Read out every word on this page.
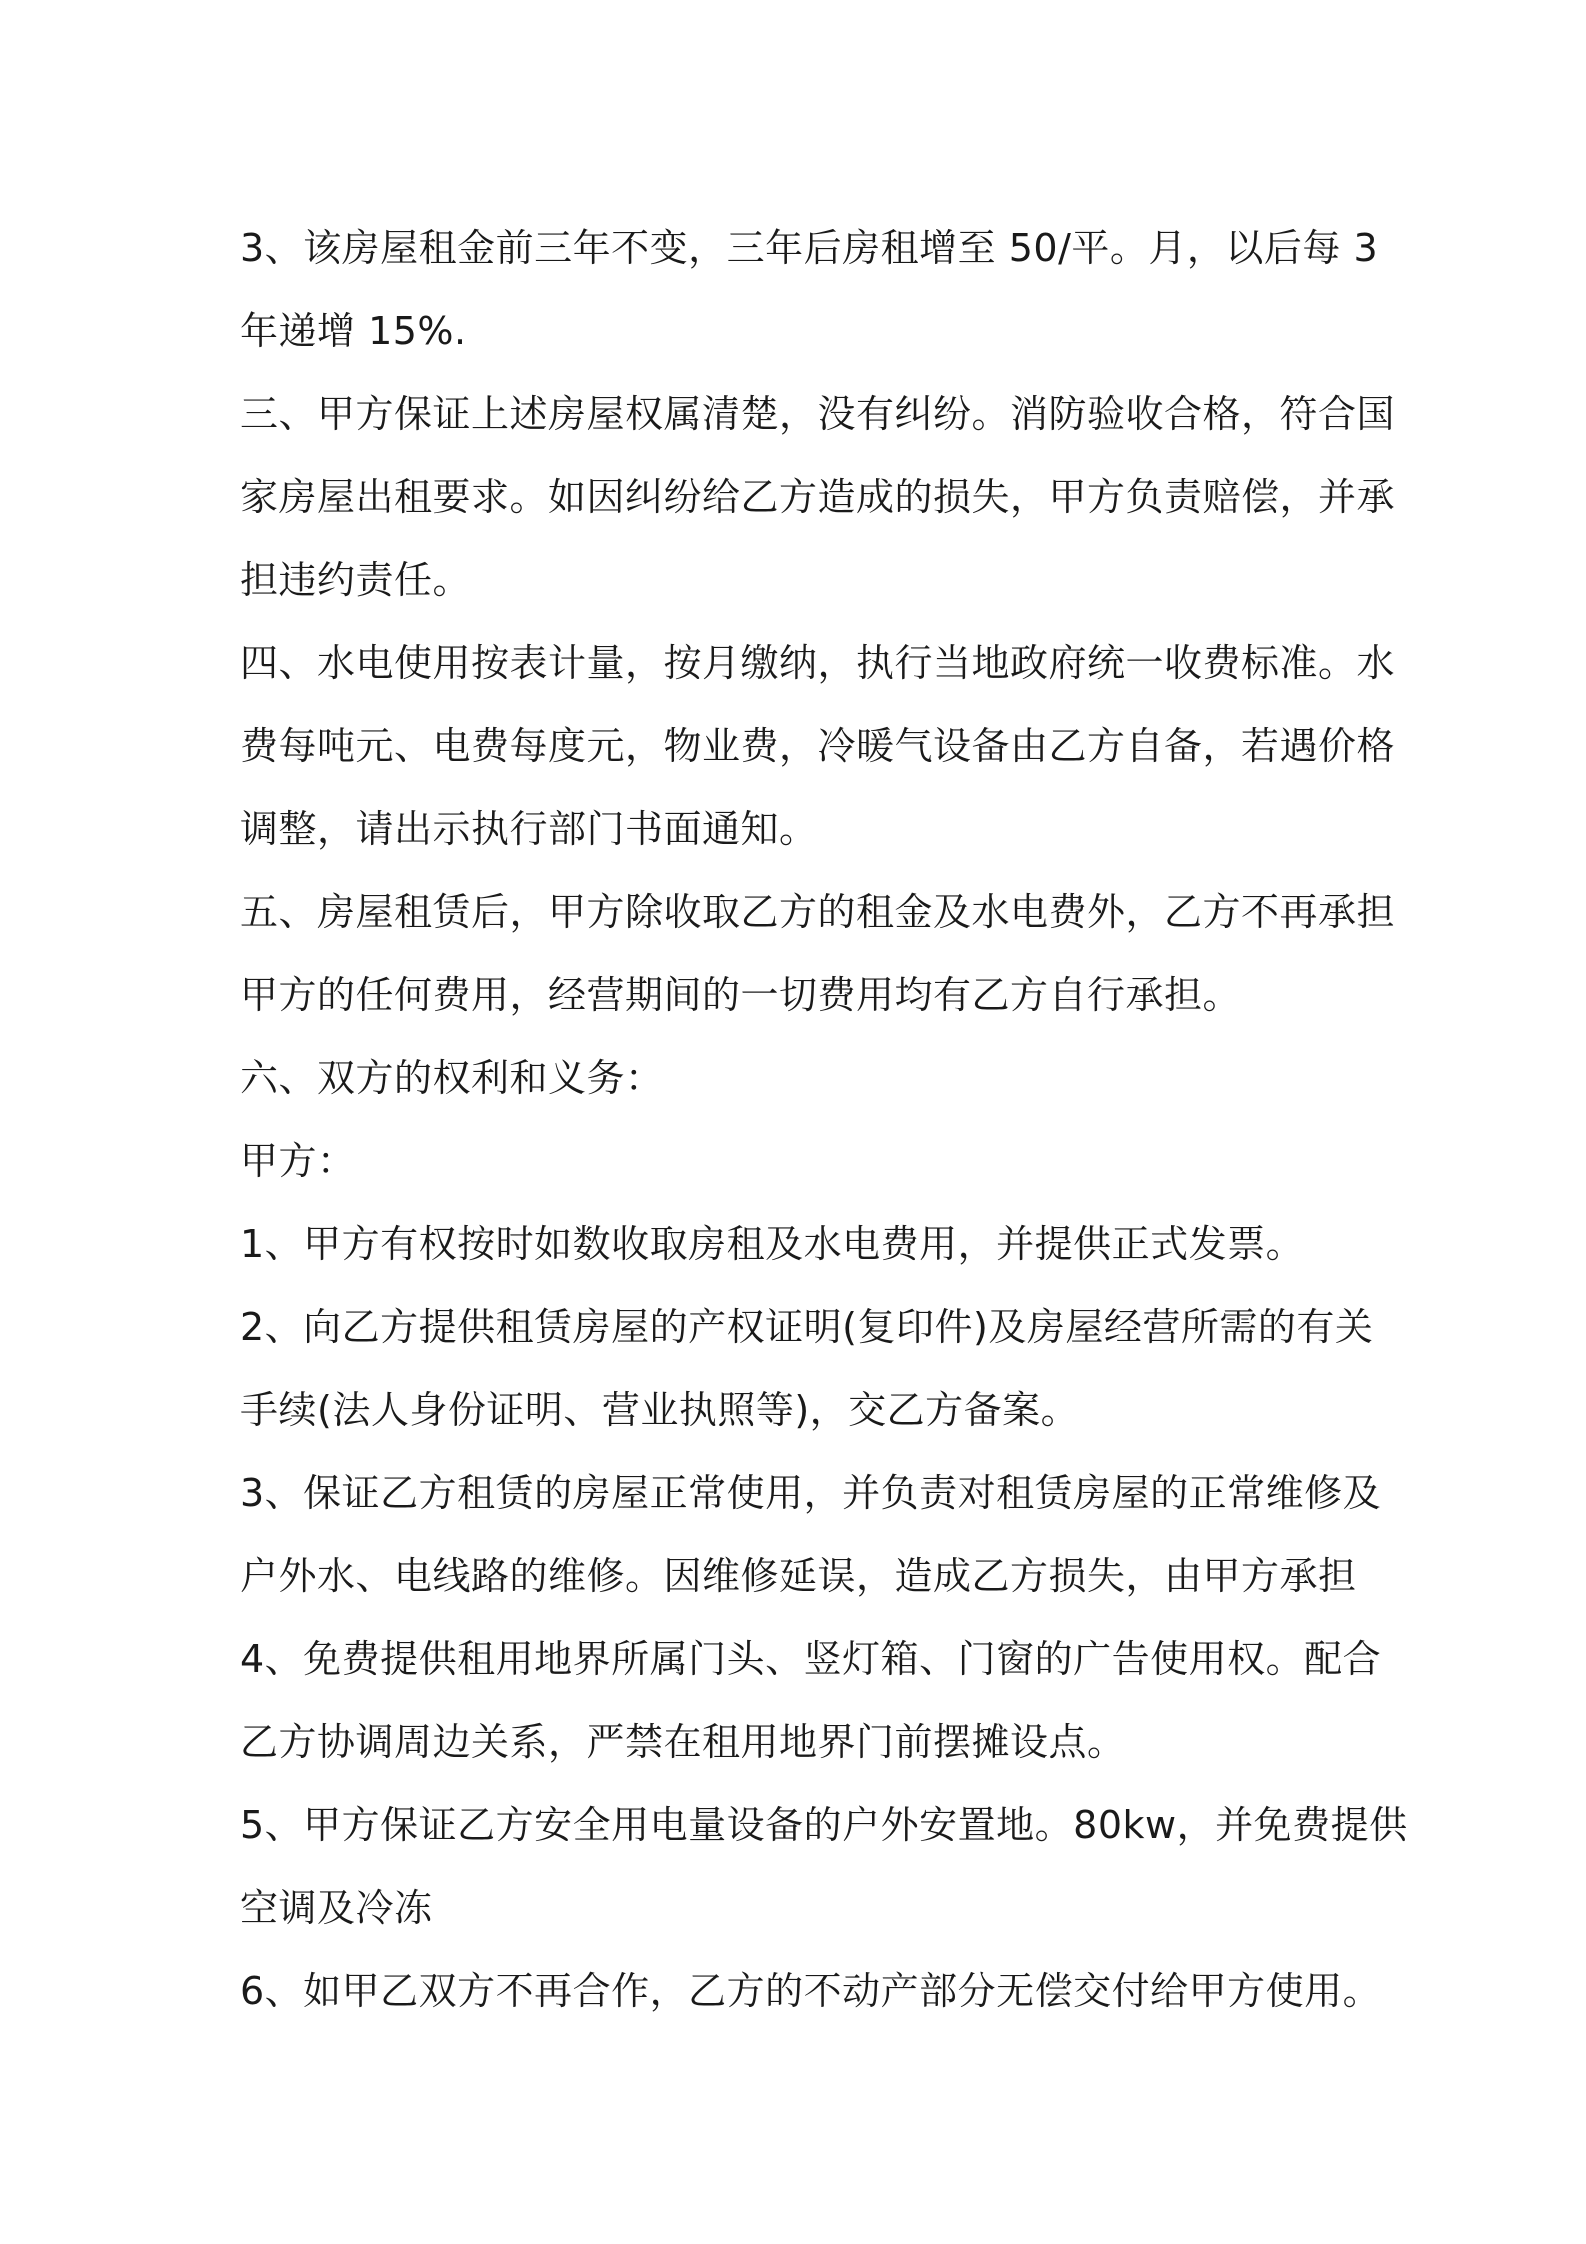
3、该房屋租金前三年不变，三年后房租增至 50/平。月，以后每 3
年递增 15%.
三、甲方保证上述房屋权属清楚，没有纠纷。消防验收合格，符合国
家房屋出租要求。如因纠纷给乙方造成的损失，甲方负责赔偿，并承
担违约责任。
四、水电使用按表计量，按月缴纳，执行当地政府统一收费标准。水
费每吨元、电费每度元，物业费，冷暖气设备由乙方自备，若遇价格
调整，请出示执行部门书面通知。
五、房屋租赁后，甲方除收取乙方的租金及水电费外，乙方不再承担
甲方的任何费用，经营期间的一切费用均有乙方自行承担。
六、双方的权利和义务：
甲方：
1、甲方有权按时如数收取房租及水电费用，并提供正式发票。
2、向乙方提供租赁房屋的产权证明(复印件)及房屋经营所需的有关
手续(法人身份证明、营业执照等)，交乙方备案。
3、保证乙方租赁的房屋正常使用，并负责对租赁房屋的正常维修及
户外水、电线路的维修。因维修延误，造成乙方损失，由甲方承担
4、免费提供租用地界所属门头、竖灯箱、门窗的广告使用权。配合
乙方协调周边关系，严禁在租用地界门前摆摊设点。
5、甲方保证乙方安全用电量设备的户外安置地。80kw，并免费提供
空调及冷冻
6、如甲乙双方不再合作，乙方的不动产部分无偿交付给甲方使用。
